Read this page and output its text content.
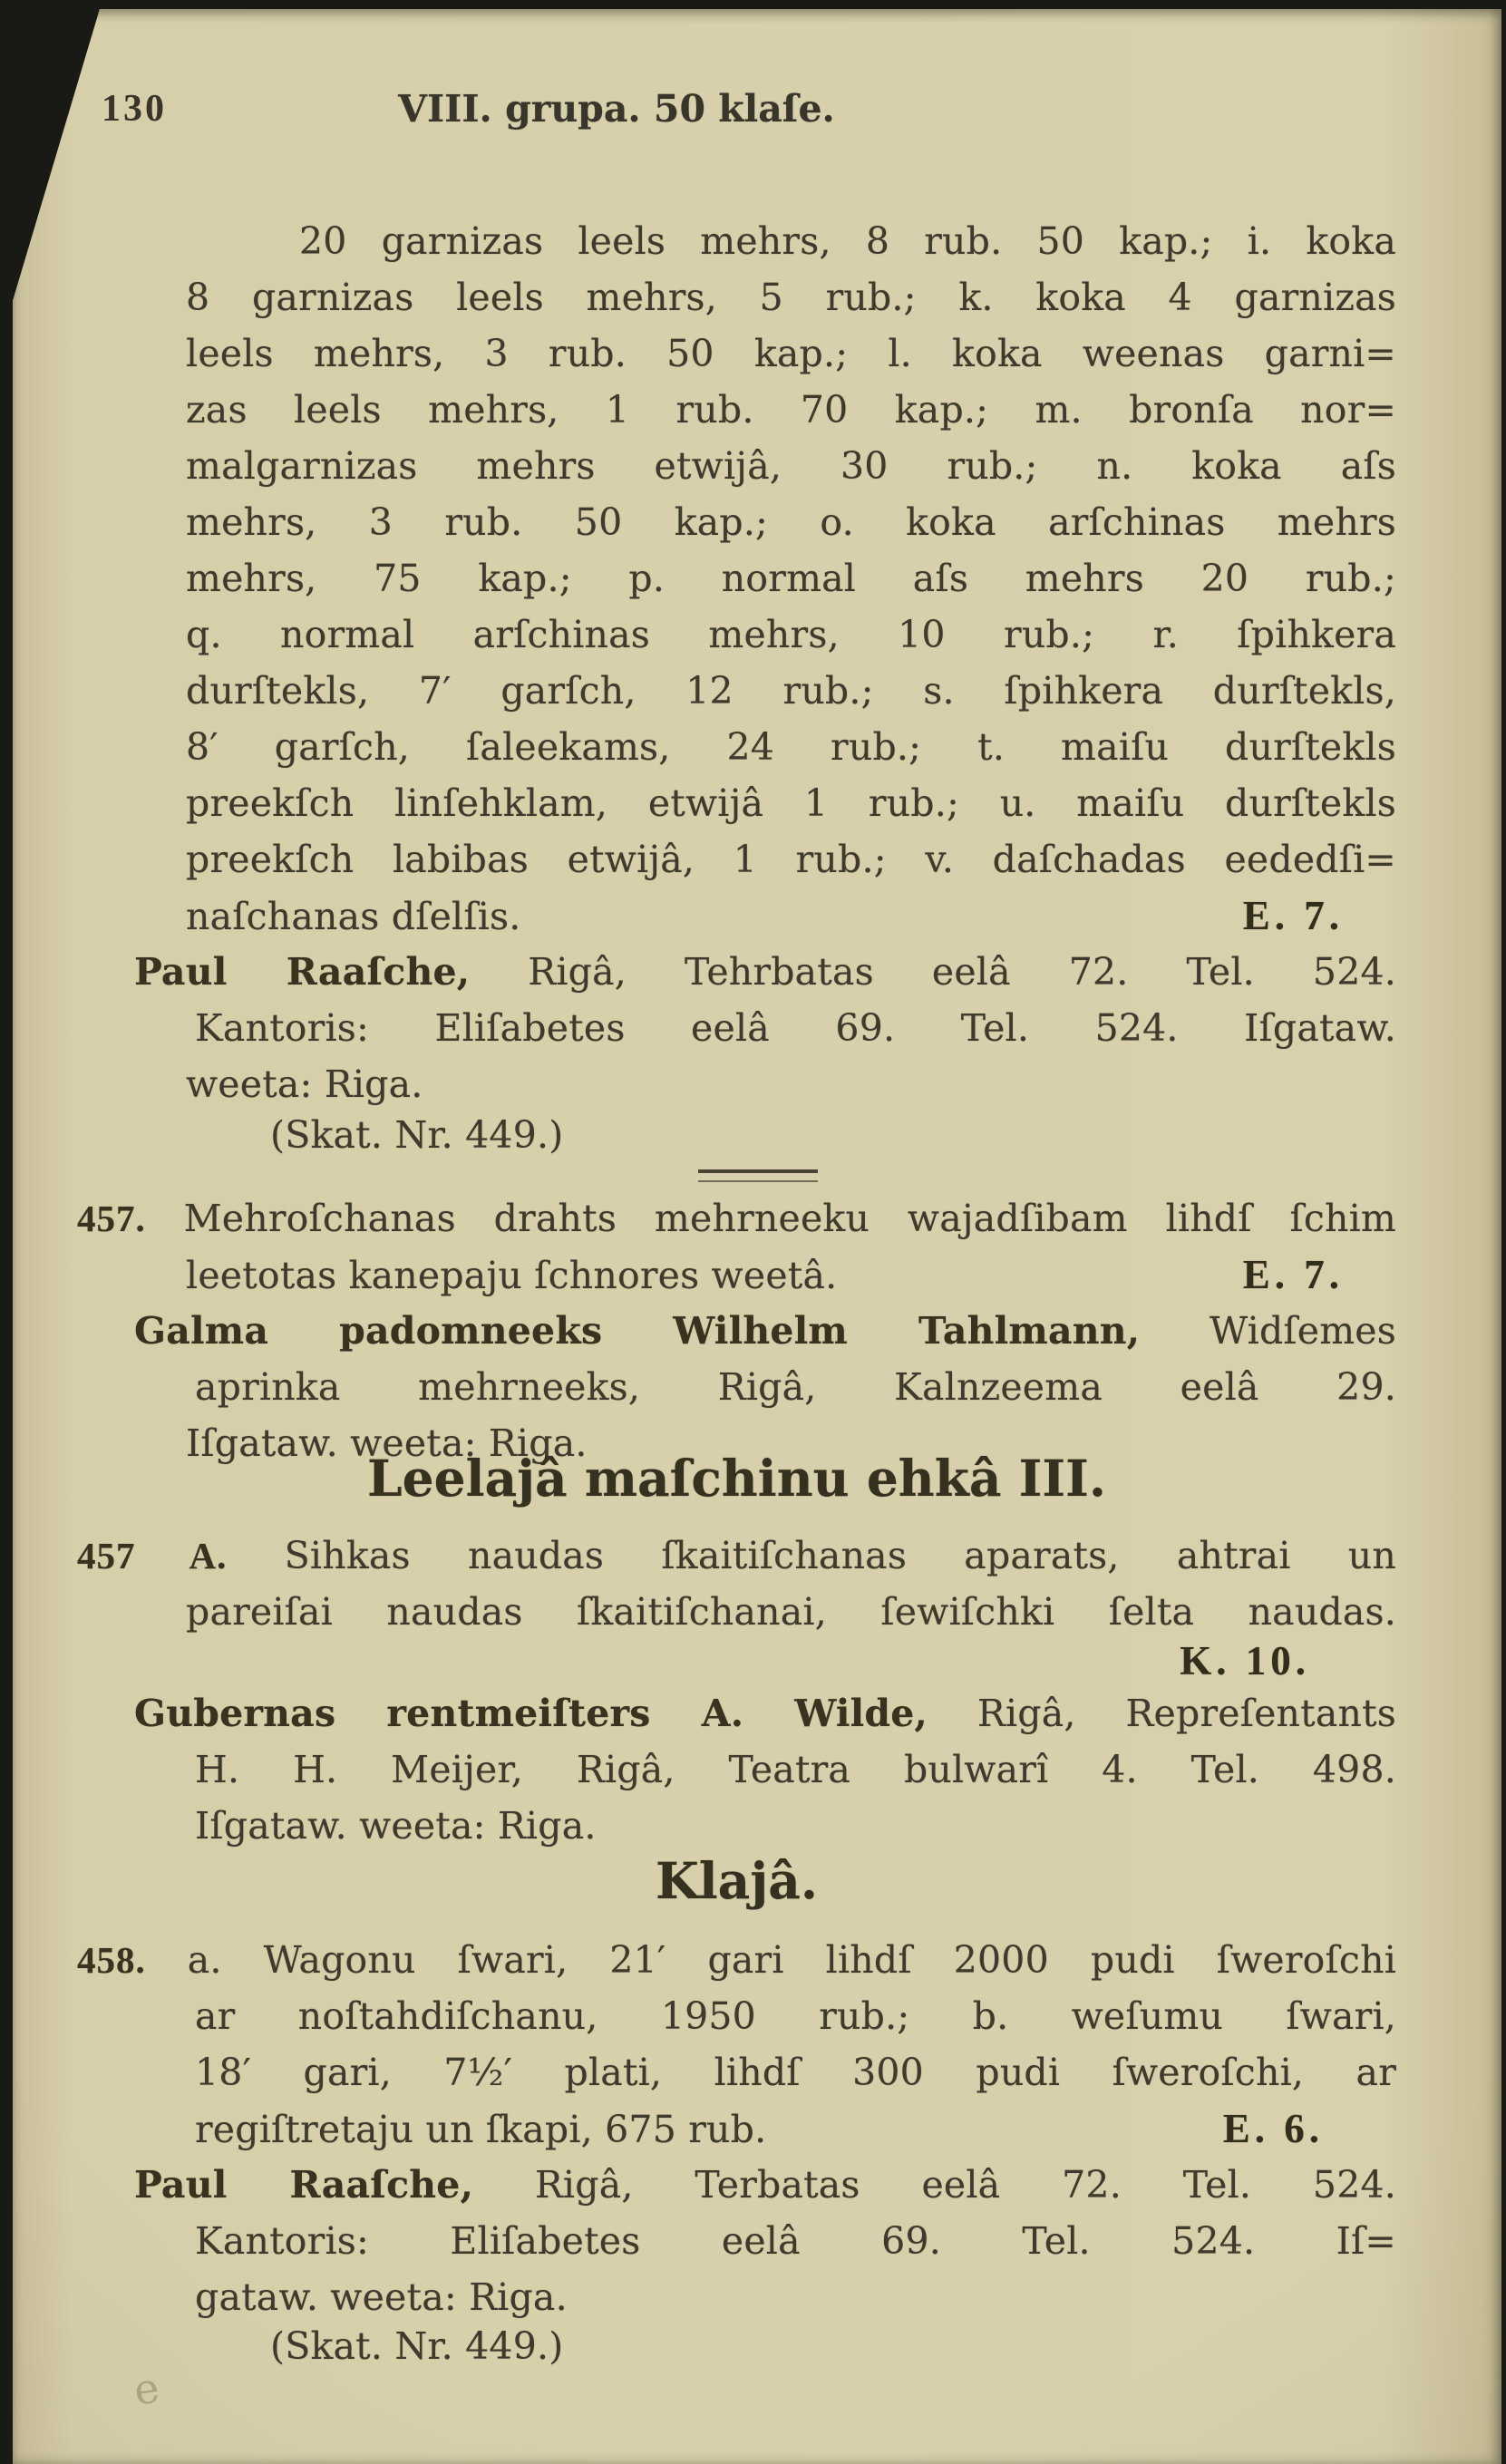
130	VIII. grupa. 50 klaſe.
20 garnizas leels mehrs, 8 rub. 50 kap.; i. koka
8 garnizas leels mehrs, 5 rub.; k. koka 4 garnizas
leels mehrs, 3 rub. 50 kap.; l. koka weenas garni=
zas leels mehrs, 1 rub. 70 kap.; m. bronſa nor=
malgarnizas mehrs etwijâ, 30 rub.; n. koka aſs
mehrs, 3 rub. 50 kap.; o. koka arſchinas mehrs
mehrs, 75 kap.; p. normal aſs mehrs 20 rub.;
q. normal arſchinas mehrs, 10 rub.; r. ſpihkera
durſtekls, 7′ garſch, 12 rub.; s. ſpihkera durſtekls,
8′ garſch, ſaleekams, 24 rub.; t. maiſu durſtekls
preekſch linſehklam, etwijâ 1 rub.; u. maiſu durſtekls
preekſch labibas etwijâ, 1 rub.; v. daſchadas eededſi=
naſchanas dſelſis.	E. 7.
Paul Raaſche, Rigâ, Tehrbatas eelâ 72. Tel. 524.
Kantoris: Eliſabetes eelâ 69. Tel. 524. Iſgataw.
weeta: Riga.
(Skat. Nr. 449.)
457. Mehroſchanas drahts mehrneeku wajadſibam lihdſ ſchim
leetotas kanepaju ſchnores weetâ.	E. 7.
Galma padomneeks Wilhelm Tahlmann, Widſemes
aprinka mehrneeks, Rigâ, Kalnzeema eelâ 29.
Iſgataw. weeta: Riga.
Leelajâ maſchinu ehkâ III.
457 A. Sihkas naudas ſkaitiſchanas aparats, ahtrai un
pareiſai naudas ſkaitiſchanai, ſewiſchki ſelta naudas.
K. 10.
Gubernas rentmeiſters A. Wilde, Rigâ, Repreſentants
H. H. Meijer, Rigâ, Teatra bulwarî 4. Tel. 498.
Iſgataw. weeta: Riga.
Klajâ.
458. a. Wagonu ſwari, 21′ gari lihdſ 2000 pudi ſweroſchi
ar noſtahdiſchanu, 1950 rub.; b. weſumu ſwari,
18′ gari, 7½′ plati, lihdſ 300 pudi ſweroſchi, ar
regiſtretaju un ſkapi, 675 rub.	E. 6.
Paul Raaſche, Rigâ, Terbatas eelâ 72. Tel. 524.
Kantoris: Eliſabetes eelâ 69. Tel. 524. Iſ=
gataw. weeta: Riga.
(Skat. Nr. 449.)
e
